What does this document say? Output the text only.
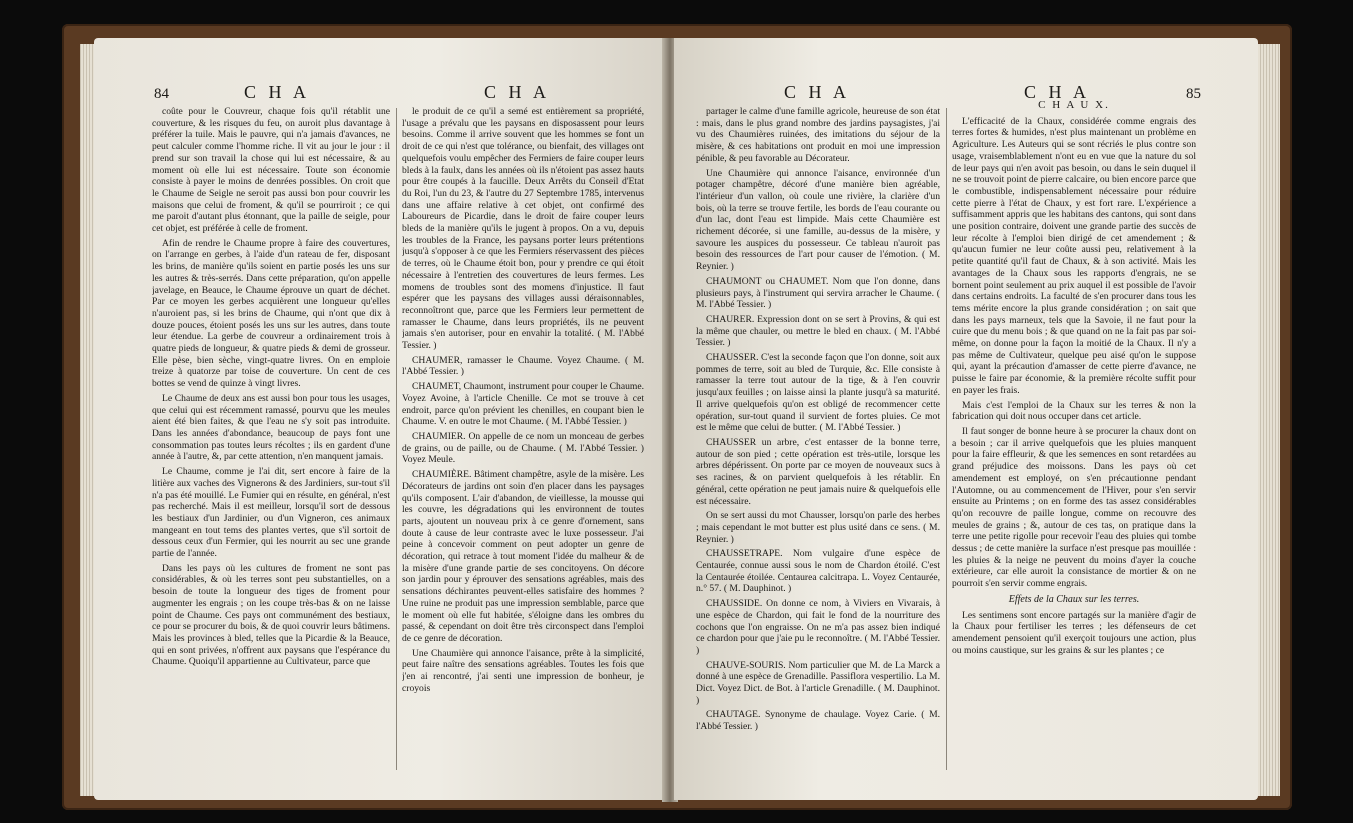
84	C H A	C H A

coûte pour le Couvreur, chaque fois qu'il rétablit une couverture, & les risques du feu, on auroit plus davantage à préférer la tuile. Mais le pauvre, qui n'a jamais d'avances, ne peut calculer comme l'homme riche. Il vit au jour le jour : il prend sur son travail la chose qui lui est nécessaire, & au moment où elle lui est nécessaire. Toute son économie consiste à payer le moins de denrées possibles. On croit que le Chaume de Seigle ne seroit pas aussi bon pour couvrir les maisons que celui de froment, & qu'il se pourriroit ; ce qui me paroit d'autant plus étonnant, que la paille de seigle, pour cet objet, est préférée à celle de froment.

Afin de rendre le Chaume propre à faire des couvertures, on l'arrange en gerbes, à l'aide d'un rateau de fer, disposant les brins, de manière qu'ils soient en partie posés les uns sur les autres & très-serrés. Dans cette préparation, qu'on appelle javelage, en Beauce, le Chaume éprouve un quart de déchet. Par ce moyen les gerbes acquièrent une longueur qu'elles n'auroient pas, si les brins de Chaume, qui n'ont que dix à douze pouces, étoient posés les uns sur les autres, dans toute leur étendue. La gerbe de couvreur a ordinairement trois à quatre pieds de longueur, & quatre pieds & demi de grosseur. Elle pèse, bien sèche, vingt-quatre livres. On en emploie treize à quatorze par toise de couverture. Un cent de ces bottes se vend de quinze à vingt livres.

Le Chaume de deux ans est aussi bon pour tous les usages, que celui qui est récemment ramassé, pourvu que les meules aient été bien faites, & que l'eau ne s'y soit pas introduite. Dans les années d'abondance, beaucoup de pays font une consommation pas toutes leurs récoltes ; ils en gardent d'une année à l'autre, &, par cette attention, n'en manquent jamais.

Le Chaume, comme je l'ai dit, sert encore à faire de la litière aux vaches des Vignerons & des Jardiniers, sur-tout s'il n'a pas été mouillé. Le Fumier qui en résulte, en général, n'est pas recherché. Mais il est meilleur, lorsqu'il sort de dessous les bestiaux d'un Jardinier, ou d'un Vigneron, ces animaux mangeant en tout tems des plantes vertes, que s'il sortoit de dessous ceux d'un Fermier, qui les nourrit au sec une grande partie de l'année.

Dans les pays où les cultures de froment ne sont pas considérables, & où les terres sont peu substantielles, on a besoin de toute la longueur des tiges de froment pour augmenter les engrais ; on les coupe très-bas & on ne laisse point de Chaume. Ces pays ont communément des bestiaux, ce pour se procurer du bois, & de quoi couvrir leurs bâtimens. Mais les provinces à bled, telles que la Picardie & la Beauce, qui en sont privées, n'offrent aux paysans que l'espérance du Chaume. Quoiqu'il appartienne au Cultivateur, parce que

le produit de ce qu'il a semé est entièrement sa propriété, l'usage a prévalu que les paysans en disposassent pour leurs besoins. Comme il arrive souvent que les hommes se font un droit de ce qui n'est que tolérance, ou bienfait, des villages ont quelquefois voulu empêcher des Fermiers de faire couper leurs bleds à la faulx, dans les années où ils n'étoient pas assez hauts pour être coupés à la faucille. Deux Arrêts du Conseil d'Etat du Roi, l'un du 23, & l'autre du 27 Septembre 1785, intervenus dans une affaire relative à cet objet, ont confirmé des Laboureurs de Picardie, dans le droit de faire couper leurs bleds de la manière qu'ils le jugent à propos. On a vu, depuis les troubles de la France, les paysans porter leurs prétentions jusqu'à s'opposer à ce que les Fermiers réservassent des pièces de terres, où le Chaume étoit bon, pour y prendre ce qui étoit nécessaire à l'entretien des couvertures de leurs fermes. Les momens de troubles sont des momens d'injustice. Il faut espérer que les paysans des villages aussi déraisonnables, reconnoîtront que, parce que les Fermiers leur permettent de ramasser le Chaume, dans leurs propriétés, ils ne peuvent jamais s'en autoriser, pour en envahir la totalité. ( M. l'Abbé Tessier. )

CHAUMER, ramasser le Chaume. Voyez Chaume. ( M. l'Abbé Tessier. )

CHAUMET, Chaumont, instrument pour couper le Chaume. Voyez Avoine, à l'article Chenille. Ce mot se trouve à cet endroit, parce qu'on prévient les chenilles, en coupant bien le Chaume. V. en outre le mot Chaume. ( M. l'Abbé Tessier. )

CHAUMIER. On appelle de ce nom un monceau de gerbes de grains, ou de paille, ou de Chaume. ( M. l'Abbé Tessier. ) Voyez Meule.

CHAUMIÈRE. Bâtiment champêtre, asyle de la misère. Les Décorateurs de jardins ont soin d'en placer dans les paysages qu'ils composent. L'air d'abandon, de vieillesse, la mousse qui les couvre, les dégradations qui les environnent de toutes parts, ajoutent un nouveau prix à ce genre d'ornement, sans doute à cause de leur contraste avec le luxe possesseur. J'ai peine à concevoir comment on peut adopter un genre de décoration, qui retrace à tout moment l'idée du malheur & de la misère d'une grande partie de ses concitoyens. On décore son jardin pour y éprouver des sensations agréables, mais des sensations déchirantes peuvent-elles satisfaire des hommes ? Une ruine ne produit pas une impression semblable, parce que le moment où elle fut habitée, s'éloigne dans les ombres du passé, & cependant on doit être très circonspect dans l'emploi de ce genre de décoration.

Une Chaumière qui annonce l'aisance, prête à la simplicité, peut faire naître des sensations agréables. Toutes les fois que j'en ai rencontré, j'ai senti une impression de bonheur, je croyois

C H A	C H A	85

partager le calme d'une famille agricole, heureuse de son état : mais, dans le plus grand nombre des jardins paysagistes, j'ai vu des Chaumières ruinées, des imitations du séjour de la misère, & ces habitations ont produit en moi une impression pénible, & peu favorable au Décorateur.

Une Chaumière qui annonce l'aisance, environnée d'un potager champêtre, décoré d'une manière bien agréable, l'intérieur d'un vallon, où coule une rivière, la clarière d'un bois, où la terre se trouve fertile, les bords de l'eau courante ou d'un lac, dont l'eau est limpide. Mais cette Chaumière est richement décorée, si une famille, au-dessus de la misère, y savoure les auspices du possesseur. Ce tableau n'auroit pas besoin des ressources de l'art pour causer de l'émotion. ( M. Reynier. )

CHAUMONT ou CHAUMET. Nom que l'on donne, dans plusieurs pays, à l'instrument qui servira arracher le Chaume. ( M. l'Abbé Tessier. )

CHAURER. Expression dont on se sert à Provins, & qui est la même que chauler, ou mettre le bled en chaux. ( M. l'Abbé Tessier. )

CHAUSSER. C'est la seconde façon que l'on donne, soit aux pommes de terre, soit au bled de Turquie, &c. Elle consiste à ramasser la terre tout autour de la tige, & à l'en couvrir jusqu'aux feuilles ; on laisse ainsi la plante jusqu'à sa maturité. Il arrive quelquefois qu'on est obligé de recommencer cette opération, sur-tout quand il survient de fortes pluies. Ce mot est le même que celui de butter. ( M. l'Abbé Tessier. )

CHAUSSER un arbre, c'est entasser de la bonne terre, autour de son pied ; cette opération est très-utile, lorsque les arbres dépérissent. On porte par ce moyen de nouveaux sucs à ses racines, & on parvient quelquefois à les rétablir. En général, cette opération ne peut jamais nuire & quelquefois elle est nécessaire.

On se sert aussi du mot Chausser, lorsqu'on parle des herbes ; mais cependant le mot butter est plus usité dans ce sens. ( M. Reynier. )

CHAUSSETRAPE. Nom vulgaire d'une espèce de Centaurée, connue aussi sous le nom de Chardon étoilé. C'est la Centaurée étoilée. Centaurea calcitrapa. L. Voyez Centaurée, n.° 57. ( M. Dauphinot. )

CHAUSSIDE. On donne ce nom, à Viviers en Vivarais, à une espèce de Chardon, qui fait le fond de la nourriture des cochons que l'on engraisse. On ne m'a pas assez bien indiqué ce chardon pour que j'aie pu le reconnoître. ( M. l'Abbé Tessier. )

CHAUVE-SOURIS. Nom particulier que M. de La Marck a donné à une espèce de Grenadille. Passiflora vespertilio. La M. Dict. Voyez Dict. de Bot. à l'article Grenadille. ( M. Dauphinot. )

CHAUTAGE. Synonyme de chaulage. Voyez Carie. ( M. l'Abbé Tessier. )

C H A U X.

L'efficacité de la Chaux, considérée comme engrais des terres fortes & humides, n'est plus maintenant un problème en Agriculture. Les Auteurs qui se sont récriés le plus contre son usage, vraisemblablement n'ont eu en vue que la nature du sol de leur pays qui n'en avoit pas besoin, ou dans le sein duquel il ne se trouvoit point de pierre calcaire, ou bien encore parce que le combustible, indispensablement nécessaire pour réduire cette pierre à l'état de Chaux, y est fort rare. L'expérience a suffisamment appris que les habitans des cantons, qui sont dans une position contraire, doivent une grande partie des succès de leur récolte à l'emploi bien dirigé de cet amendement ; & qu'aucun fumier ne leur coûte aussi peu, relativement à la petite quantité qu'il faut de Chaux, & à son activité. Mais les avantages de la Chaux sous les rapports d'engrais, ne se bornent point seulement au prix auquel il est possible de l'avoir dans certains endroits. La faculté de s'en procurer dans tous les tems mérite encore la plus grande considération ; on sait que dans les pays marneux, tels que la Savoie, il ne faut pour la cuire que du menu bois ; & que quand on ne la fait pas par soi-même, on donne pour la façon la moitié de la Chaux. Il n'y a pas même de Cultivateur, quelque peu aisé qu'on le suppose qui, ayant la précaution d'amasser de cette pierre d'avance, ne puisse le faire par économie, & la première récolte suffit pour en payer les frais.

Mais c'est l'emploi de la Chaux sur les terres & non la fabrication qui doit nous occuper dans cet article.

Il faut songer de bonne heure à se procurer la chaux dont on a besoin ; car il arrive quelquefois que les pluies manquent pour la faire effleurir, & que les semences en sont retardées au grand préjudice des moissons. Dans les pays où cet amendement est employé, on s'en précautionne pendant l'Automne, ou au commencement de l'Hiver, pour s'en servir ensuite au Printems ; on en forme des tas assez considérables qu'on recouvre de paille longue, comme on recouvre des meules de grains ; &, autour de ces tas, on pratique dans la terre une petite rigolle pour recevoir l'eau des pluies qui tombe dessus ; de cette manière la surface n'est presque pas mouillée : les pluies & la neige ne peuvent du moins d'ayer la couche extérieure, car elle auroit la consistance de mortier & on ne pourroit s'en servir comme engrais.

Effets de la Chaux sur les terres.

Les sentimens sont encore partagés sur la manière d'agir de la Chaux pour fertiliser les terres ; les défenseurs de cet amendement pensoient qu'il exerçoit toujours une action, plus ou moins caustique, sur les grains & sur les plantes ; ce
